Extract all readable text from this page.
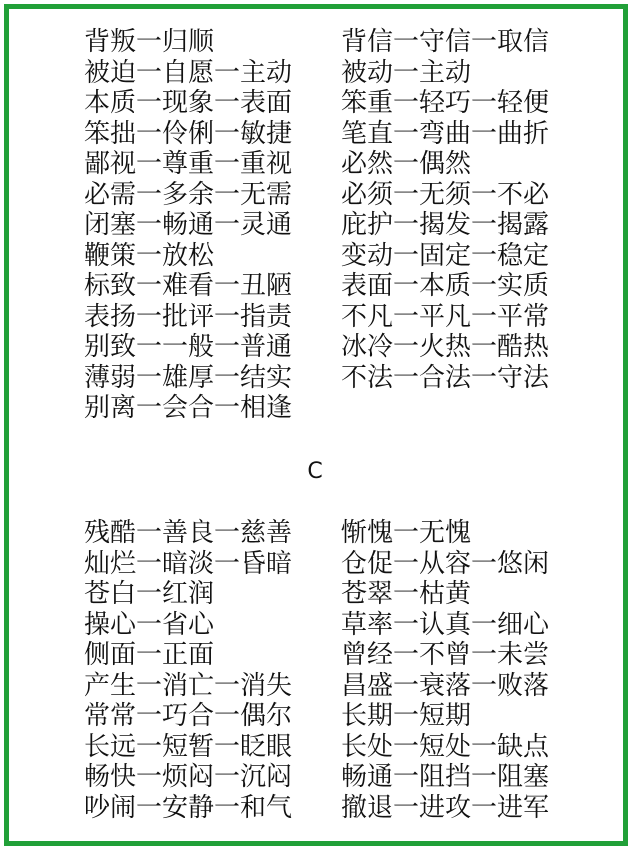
背叛一归顺
被迫一自愿一主动
本质一现象一表面
笨拙一伶俐一敏捷
鄙视一尊重一重视
必需一多余一无需
闭塞一畅通一灵通
鞭策一放松
标致一难看一丑陋
表扬一批评一指责
别致一一般一普通
薄弱一雄厚一结实
别离一会合一相逢
背信一守信一取信
被动一主动
笨重一轻巧一轻便
笔直一弯曲一曲折
必然一偶然
必须一无须一不必
庇护一揭发一揭露
变动一固定一稳定
表面一本质一实质
不凡一平凡一平常
冰冷一火热一酷热
不法一合法一守法
C
残酷一善良一慈善
灿烂一暗淡一昏暗
苍白一红润
操心一省心
侧面一正面
产生一消亡一消失
常常一巧合一偶尔
长远一短暂一眨眼
畅快一烦闷一沉闷
吵闹一安静一和气
惭愧一无愧
仓促一从容一悠闲
苍翠一枯黄
草率一认真一细心
曾经一不曾一未尝
昌盛一衰落一败落
长期一短期
长处一短处一缺点
畅通一阻挡一阻塞
撤退一进攻一进军
